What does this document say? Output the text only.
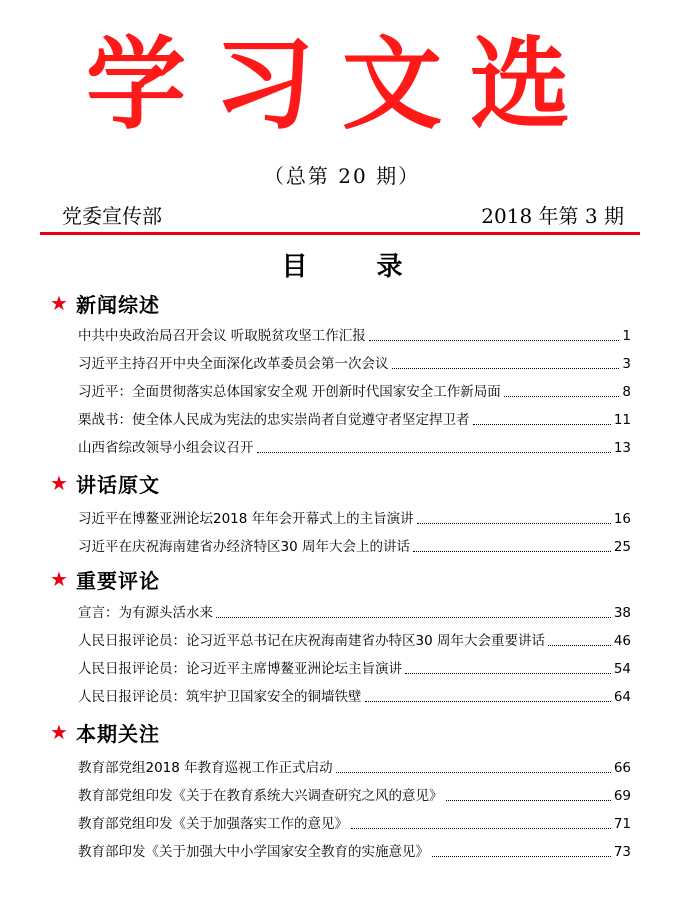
学习文选
（总第 20 期）
党委宣传部	2018 年第 3 期
目 录
★ 新闻综述
中共中央政治局召开会议 听取脱贫攻坚工作汇报	1
习近平主持召开中央全面深化改革委员会第一次会议	3
习近平：全面贯彻落实总体国家安全观 开创新时代国家安全工作新局面	8
栗战书：使全体人民成为宪法的忠实崇尚者自觉遵守者坚定捍卫者	11
山西省综改领导小组会议召开	13
★ 讲话原文
习近平在博鳌亚洲论坛2018 年年会开幕式上的主旨演讲	16
习近平在庆祝海南建省办经济特区30 周年大会上的讲话	25
★ 重要评论
宣言：为有源头活水来	38
人民日报评论员：论习近平总书记在庆祝海南建省办特区30 周年大会重要讲话	46
人民日报评论员：论习近平主席博鳌亚洲论坛主旨演讲	54
人民日报评论员：筑牢护卫国家安全的铜墙铁壁	64
★ 本期关注
教育部党组2018 年教育巡视工作正式启动	66
教育部党组印发《关于在教育系统大兴调查研究之风的意见》	69
教育部党组印发《关于加强落实工作的意见》	71
教育部印发《关于加强大中小学国家安全教育的实施意见》	73
